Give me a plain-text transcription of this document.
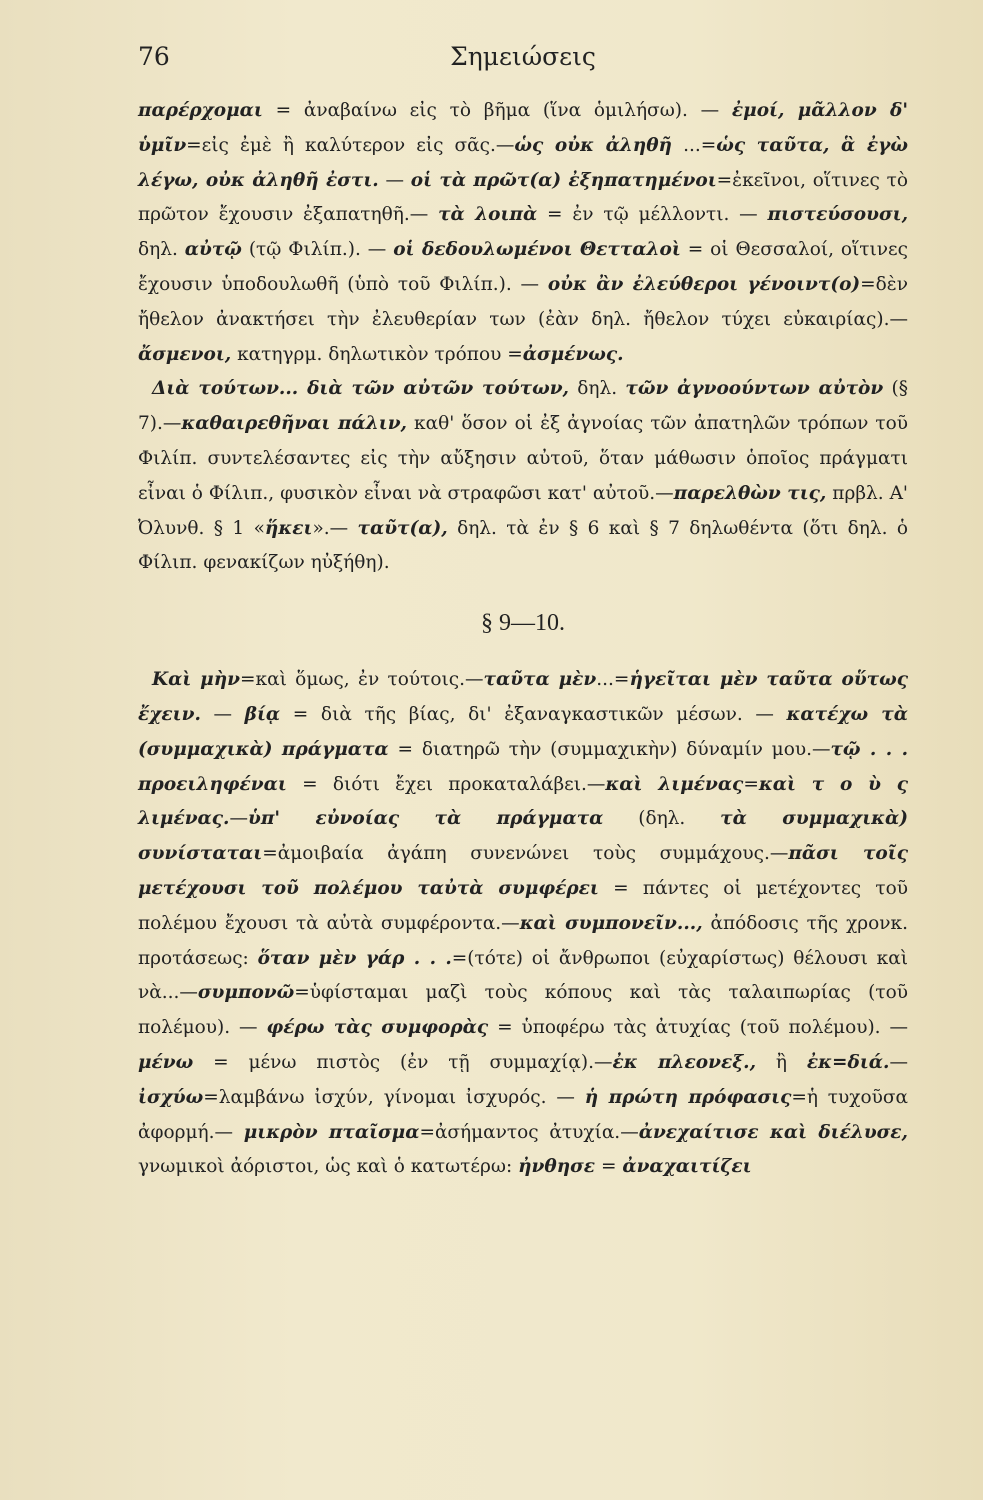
76	Σημειώσεις

παρέρχομαι = ἀναβαίνω εἰς τὸ βῆμα (ἵνα ὁμιλήσω). — ἐμοί, μᾶλλον δ' ὑμῖν=εἰς ἐμὲ ἢ καλύτερον εἰς σᾶς.—ὡς οὐκ ἀληθῆ ...=ὡς ταῦτα, ἃ ἐγὼ λέγω, οὐκ ἀληθῆ ἐστι. — οἱ τὰ πρῶτ(α) ἐξηπατημένοι=ἐκεῖνοι, οἵτινες τὸ πρῶτον ἔχουσιν ἐξαπατηθῆ.— τὰ λοιπὰ = ἐν τῷ μέλλοντι. — πιστεύσουσι, δηλ. αὐτῷ (τῷ Φιλίπ.). — οἱ δεδουλωμένοι Θετταλοὶ = οἱ Θεσσαλοί, οἵτινες ἔχουσιν ὑποδουλωθῆ (ὑπὸ τοῦ Φιλίπ.). — οὐκ ἂν ἐλεύθεροι γένοιντ(ο)=δὲν ἤθελον ἀνακτήσει τὴν ἐλευθερίαν των (ἐὰν δηλ. ἤθελον τύχει εὐκαιρίας).—ἄσμενοι, κατηγρμ. δηλωτικὸν τρόπου =ἀσμένως.

Διὰ τούτων... διὰ τῶν αὐτῶν τούτων, δηλ. τῶν ἀγνοούντων αὐτὸν (§ 7).—καθαιρεθῆναι πάλιν, καθ' ὅσον οἱ ἐξ ἀγνοίας τῶν ἀπατηλῶν τρόπων τοῦ Φιλίπ. συντελέσαντες εἰς τὴν αὔξησιν αὐτοῦ, ὅταν μάθωσιν ὁποῖος πράγματι εἶναι ὁ Φίλιπ., φυσικὸν εἶναι νὰ στραφῶσι κατ' αὐτοῦ.—παρελθὼν τις, πρβλ. Α' Ὀλυνθ. § 1 «ἥκει».— ταῦτ(α), δηλ. τὰ ἐν § 6 καὶ § 7 δηλωθέντα (ὅτι δηλ. ὁ Φίλιπ. φενακίζων ηὐξήθη).

§ 9—10.

Καὶ μὴν=καὶ ὅμως, ἐν τούτοις.—ταῦτα μὲν...=ἡγεῖται μὲν ταῦτα οὕτως ἔχειν. — βίᾳ = διὰ τῆς βίας, δι' ἐξαναγκαστικῶν μέσων. — κατέχω τὰ (συμμαχικὰ) πράγματα = διατηρῶ τὴν (συμμαχικὴν) δύναμίν μου.—τῷ . . . προειληφέναι = διότι ἔχει προκαταλάβει.—καὶ λιμένας=καὶ τ ο ὺ ς λιμένας.—ὑπ' εὐνοίας τὰ πράγματα (δηλ. τὰ συμμαχικὰ) συνίσταται=ἀμοιβαία ἀγάπη συνενώνει τοὺς συμμάχους.—πᾶσι τοῖς μετέχουσι τοῦ πολέμου ταὐτὰ συμφέρει = πάντες οἱ μετέχοντες τοῦ πολέμου ἔχουσι τὰ αὐτὰ συμφέροντα.—καὶ συμπονεῖν..., ἀπόδοσις τῆς χρονκ. προτάσεως: ὅταν μὲν γάρ . . .=(τότε) οἱ ἄνθρωποι (εὐχαρίστως) θέλουσι καὶ νὰ...—συμπονῶ=ὑφίσταμαι μαζὶ τοὺς κόπους καὶ τὰς ταλαιπωρίας (τοῦ πολέμου). — φέρω τὰς συμφορὰς = ὑποφέρω τὰς ἀτυχίας (τοῦ πολέμου). — μένω = μένω πιστὸς (ἐν τῇ συμμαχίᾳ).—ἐκ πλεονεξ., ἢ ἐκ=διά.—ἰσχύω=λαμβάνω ἰσχύν, γίνομαι ἰσχυρός. — ἡ πρώτη πρόφασις=ἡ τυχοῦσα ἀφορμή.— μικρὸν πταῖσμα=ἀσήμαντος ἀτυχία.—ἀνεχαίτισε καὶ διέλυσε, γνωμικοὶ ἀόριστοι, ὡς καὶ ὁ κατωτέρω: ἠνθησε = ἀναχαιτίζει
